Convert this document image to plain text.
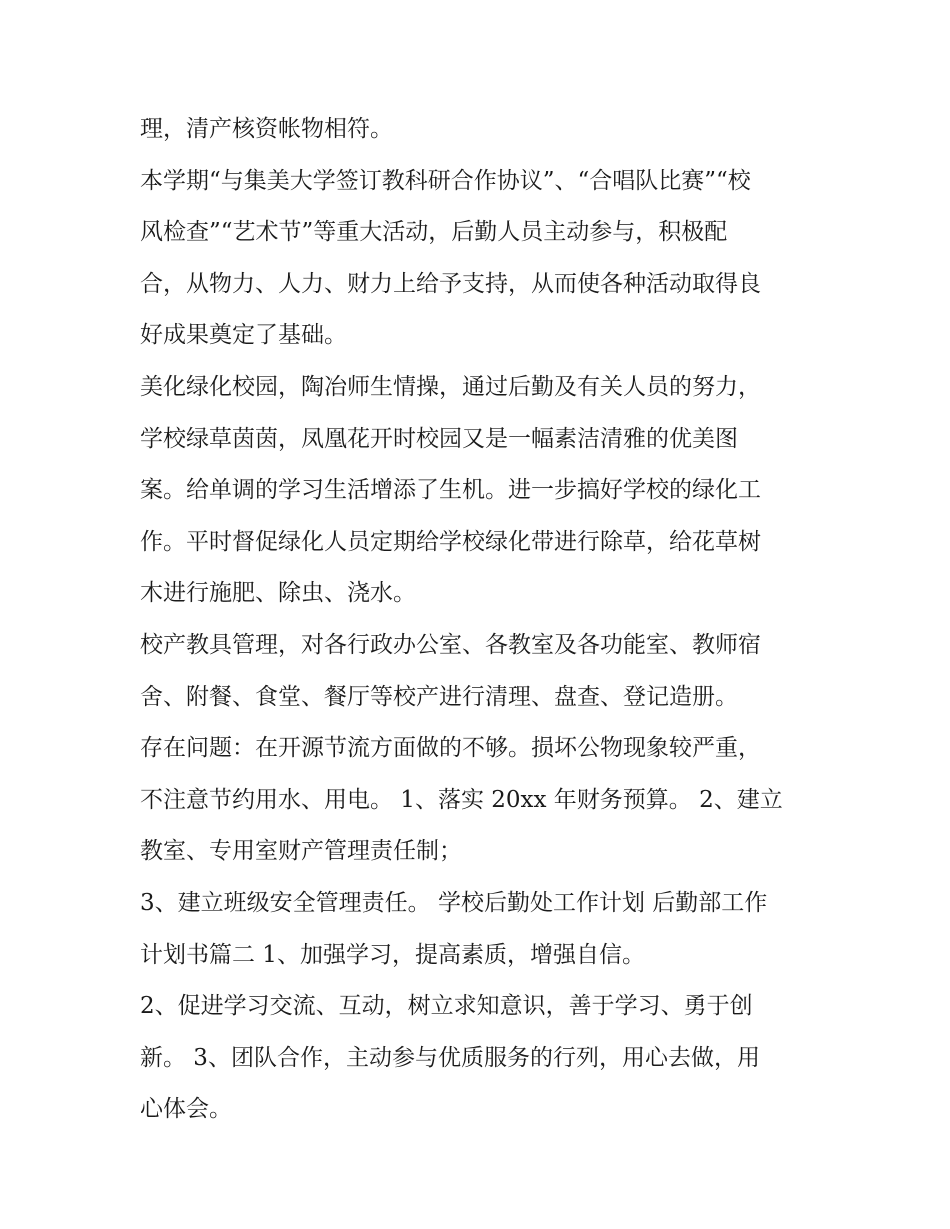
理，清产核资帐物相符。
本学期“与集美大学签订教科研合作协议”、“合唱队比赛”“校
风检查”“艺术节”等重大活动，后勤人员主动参与，积极配
合，从物力、人力、财力上给予支持，从而使各种活动取得良
好成果奠定了基础。
美化绿化校园，陶冶师生情操，通过后勤及有关人员的努力，
学校绿草茵茵，凤凰花开时校园又是一幅素洁清雅的优美图
案。给单调的学习生活增添了生机。进一步搞好学校的绿化工
作。平时督促绿化人员定期给学校绿化带进行除草，给花草树
木进行施肥、除虫、浇水。
校产教具管理，对各行政办公室、各教室及各功能室、教师宿
舍、附餐、食堂、餐厅等校产进行清理、盘查、登记造册。
存在问题：在开源节流方面做的不够。损坏公物现象较严重，
不注意节约用水、用电。 1、落实 20xx 年财务预算。 2、建立
教室、专用室财产管理责任制；
3、建立班级安全管理责任。 学校后勤处工作计划 后勤部工作
计划书篇二 1、加强学习，提高素质，增强自信。
2、促进学习交流、互动，树立求知意识，善于学习、勇于创
新。 3、团队合作，主动参与优质服务的行列，用心去做，用
心体会。
